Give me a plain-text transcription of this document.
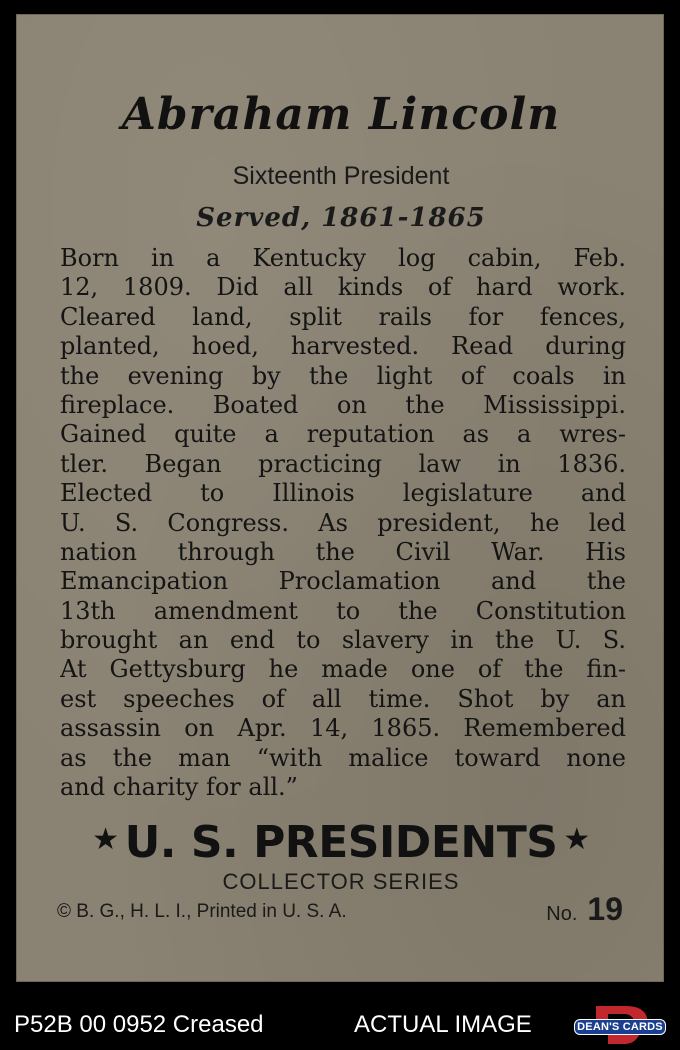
Abraham Lincoln
Sixteenth President
Served, 1861-1865
Born in a Kentucky log cabin, Feb.
12, 1809. Did all kinds of hard work.
Cleared land, split rails for fences,
planted, hoed, harvested. Read during
the evening by the light of coals in
fireplace. Boated on the Mississippi.
Gained quite a reputation as a wres-
tler. Began practicing law in 1836.
Elected to Illinois legislature and
U. S. Congress. As president, he led
nation through the Civil War. His
Emancipation Proclamation and the
13th amendment to the Constitution
brought an end to slavery in the U. S.
At Gettysburg he made one of the fin-
est speeches of all time. Shot by an
assassin on Apr. 14, 1865. Remembered
as the man “with malice toward none
and charity for all.”
★ U. S. PRESIDENTS ★
COLLECTOR SERIES
© B. G., H. L. I., Printed in U. S. A.	No. 19
P52B 00 0952 Creased	ACTUAL IMAGE	DEAN'S CARDS
